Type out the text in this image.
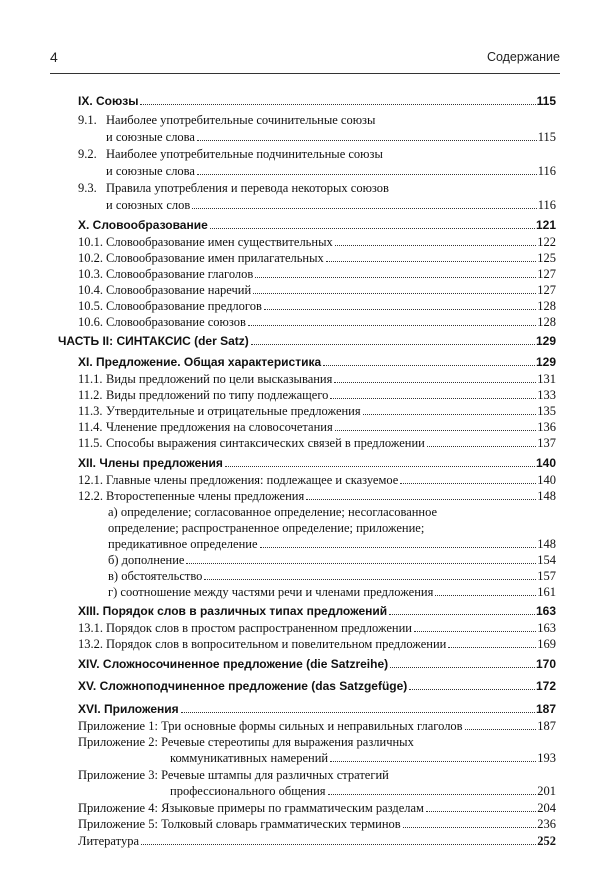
4	Содержание
IX. Союзы	115
9.1. Наиболее употребительные сочинительные союзы
и союзные слова	115
9.2. Наиболее употребительные подчинительные союзы
и союзные слова	116
9.3. Правила употребления и перевода некоторых союзов
и союзных слов	116
X. Словообразование	121
10.1. Словообразование имен существительных	122
10.2. Словообразование имен прилагательных	125
10.3. Словообразование глаголов	127
10.4. Словообразование наречий	127
10.5. Словообразование предлогов	128
10.6. Словообразование союзов	128
ЧАСТЬ II: СИНТАКСИС (der Satz)	129
XI. Предложение. Общая характеристика	129
11.1. Виды предложений по цели высказывания	131
11.2. Виды предложений по типу подлежащего	133
11.3. Утвердительные и отрицательные предложения	135
11.4. Членение предложения на словосочетания	136
11.5. Способы выражения синтаксических связей в предложении	137
XII. Члены предложения	140
12.1. Главные члены предложения: подлежащее и сказуемое	140
12.2. Второстепенные члены предложения	148
а) определение; согласованное определение; несогласованное
определение; распространенное определение; приложение;
предикативное определение	148
б) дополнение	154
в) обстоятельство	157
г) соотношение между частями речи и членами предложения	161
XIII. Порядок слов в различных типах предложений	163
13.1. Порядок слов в простом распространенном предложении	163
13.2. Порядок слов в вопросительном и повелительном предложении	169
XIV. Сложносочиненное предложение (die Satzreihe)	170
XV. Сложноподчиненное предложение (das Satzgefüge)	172
XVI. Приложения	187
Приложение 1: Три основные формы сильных и неправильных глаголов	187
Приложение 2: Речевые стереотипы для выражения различных
коммуникативных намерений	193
Приложение 3: Речевые штампы для различных стратегий
профессионального общения	201
Приложение 4: Языковые примеры по грамматическим разделам	204
Приложение 5: Толковый словарь грамматических терминов	236
Литература	252
